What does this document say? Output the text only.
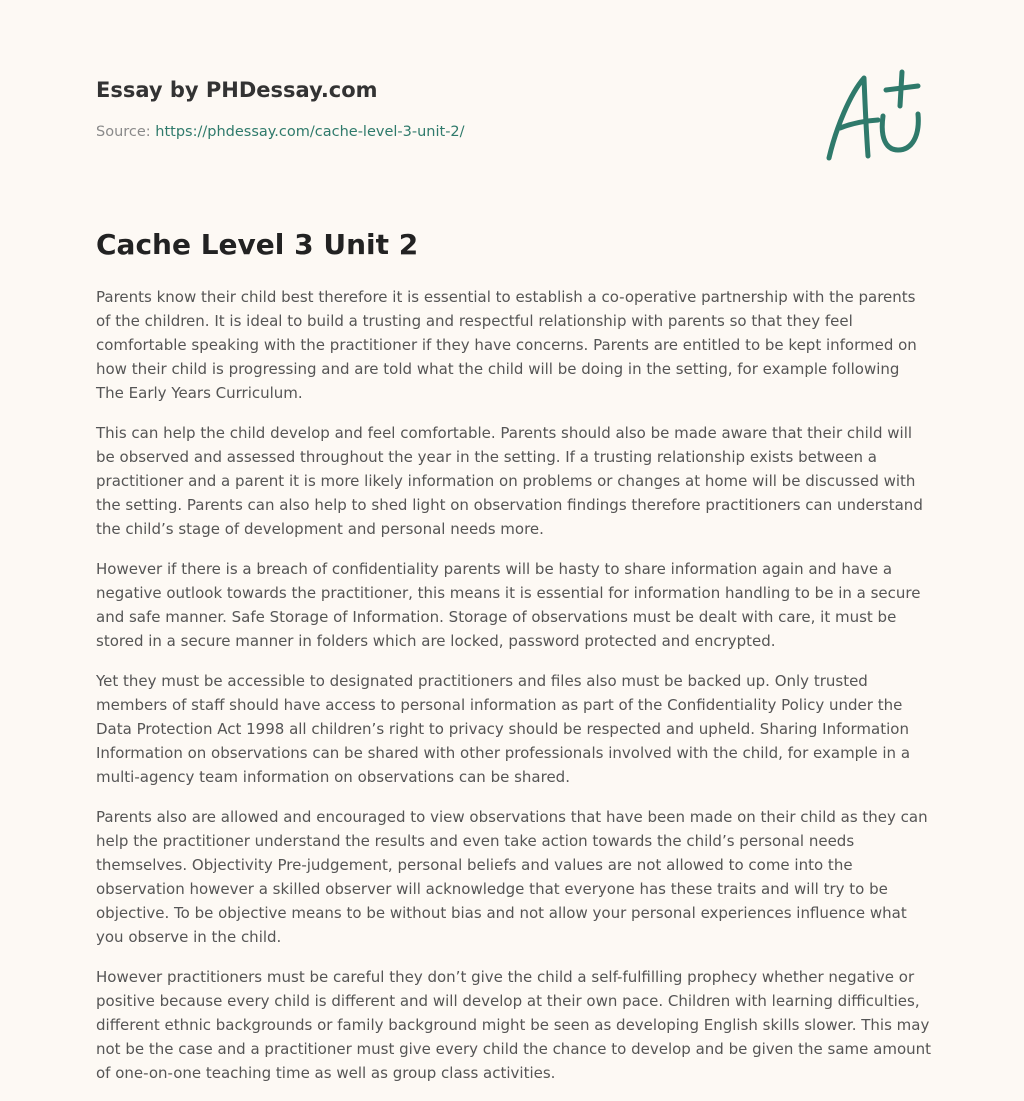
Essay by PHDessay.com
Source: https://phdessay.com/cache-level-3-unit-2/
Cache Level 3 Unit 2

Parents know their child best therefore it is essential to establish a co-operative partnership with the parents of the children. It is ideal to build a trusting and respectful relationship with parents so that they feel comfortable speaking with the practitioner if they have concerns. Parents are entitled to be kept informed on how their child is progressing and are told what the child will be doing in the setting, for example following The Early Years Curriculum.

This can help the child develop and feel comfortable. Parents should also be made aware that their child will be observed and assessed throughout the year in the setting. If a trusting relationship exists between a practitioner and a parent it is more likely information on problems or changes at home will be discussed with the setting. Parents can also help to shed light on observation findings therefore practitioners can understand the child’s stage of development and personal needs more.

However if there is a breach of confidentiality parents will be hasty to share information again and have a negative outlook towards the practitioner, this means it is essential for information handling to be in a secure and safe manner. Safe Storage of Information. Storage of observations must be dealt with care, it must be stored in a secure manner in folders which are locked, password protected and encrypted.

Yet they must be accessible to designated practitioners and files also must be backed up. Only trusted members of staff should have access to personal information as part of the Confidentiality Policy under the Data Protection Act 1998 all children’s right to privacy should be respected and upheld. Sharing Information Information on observations can be shared with other professionals involved with the child, for example in a multi-agency team information on observations can be shared.

Parents also are allowed and encouraged to view observations that have been made on their child as they can help the practitioner understand the results and even take action towards the child’s personal needs themselves. Objectivity Pre-judgement, personal beliefs and values are not allowed to come into the observation however a skilled observer will acknowledge that everyone has these traits and will try to be objective. To be objective means to be without bias and not allow your personal experiences influence what you observe in the child.

However practitioners must be careful they don’t give the child a self-fulfilling prophecy whether negative or positive because every child is different and will develop at their own pace. Children with learning difficulties, different ethnic backgrounds or family background might be seen as developing English skills slower. This may not be the case and a practitioner must give every child the chance to develop and be given the same amount of one-on-one teaching time as well as group class activities.
